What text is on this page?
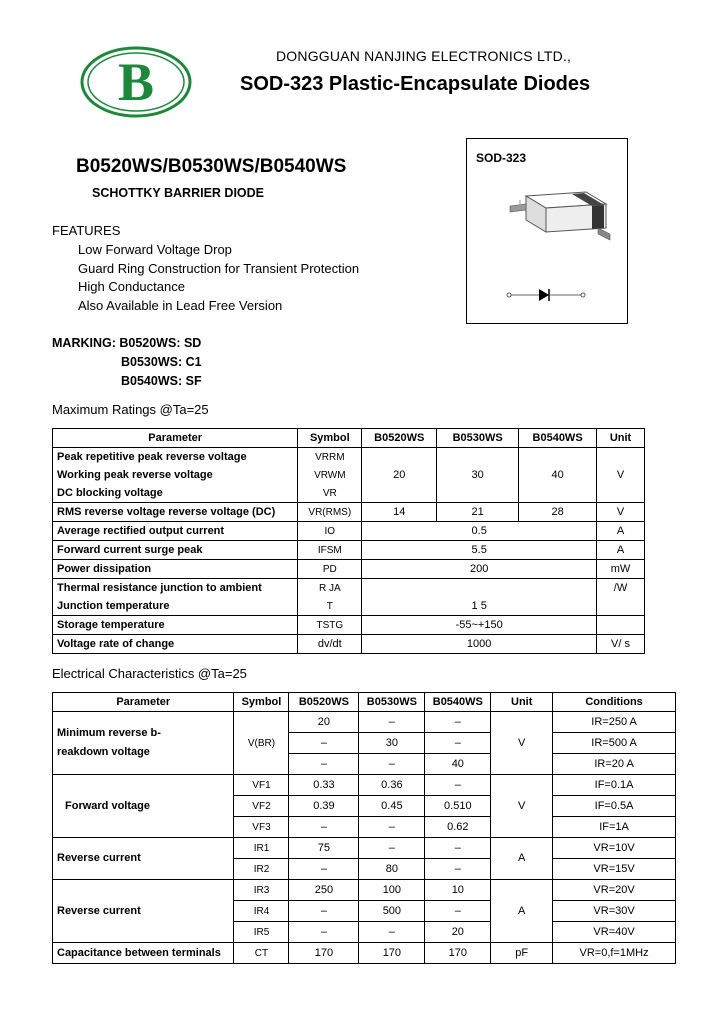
B	DONGGUAN NANJING ELECTRONICS LTD.,
SOD-323 Plastic-Encapsulate Diodes
B0520WS/B0530WS/B0540WS
SCHOTTKY BARRIER DIODE
SOD-323
FEATURES
Low Forward Voltage Drop
Guard Ring Construction for Transient Protection
High Conductance
Also Available in Lead Free Version
MARKING: B0520WS: SD
B0530WS: C1
B0540WS: SF
Maximum Ratings @Ta=25
Parameter	Symbol	B0520WS	B0530WS	B0540WS	Unit
Peak repetitive peak reverse voltage	VRRM	20	30	40	V
Working peak reverse voltage	VRWM				
DC blocking voltage	VR				
RMS reverse voltage reverse voltage (DC)	VR(RMS)	14	21	28	V
Average rectified output current	IO	0.5			A
Forward current surge peak	IFSM	5.5			A
Power dissipation	PD	200			mW
Thermal resistance junction to ambient	R JA				/W
Junction temperature	T	1 5			
Storage temperature	TSTG	-55~+150			
Voltage rate of change	dv/dt	1000			V/ s
Electrical Characteristics @Ta=25
Parameter	Symbol	B0520WS	B0530WS	B0540WS	Unit	Conditions

Minimum reverse b-
reakdown voltage	V(BR)	20	–	–	V	IR=250 A
		–	30	–		IR=500 A
		–	–	40		IR=20 A
Forward voltage	VF1	0.33	0.36	–	V	IF=0.1A
	VF2	0.39	0.45	0.510		IF=0.5A
	VF3	–	–	0.62		IF=1A
Reverse current	IR1	75	–	–	A	VR=10V
	IR2	–	80	–		VR=15V
Reverse current	IR3	250	100	10	A	VR=20V
	IR4	–	500	–		VR=30V
	IR5	–	–	20		VR=40V
Capacitance between terminals	CT	170	170	170	pF	VR=0,f=1MHz
